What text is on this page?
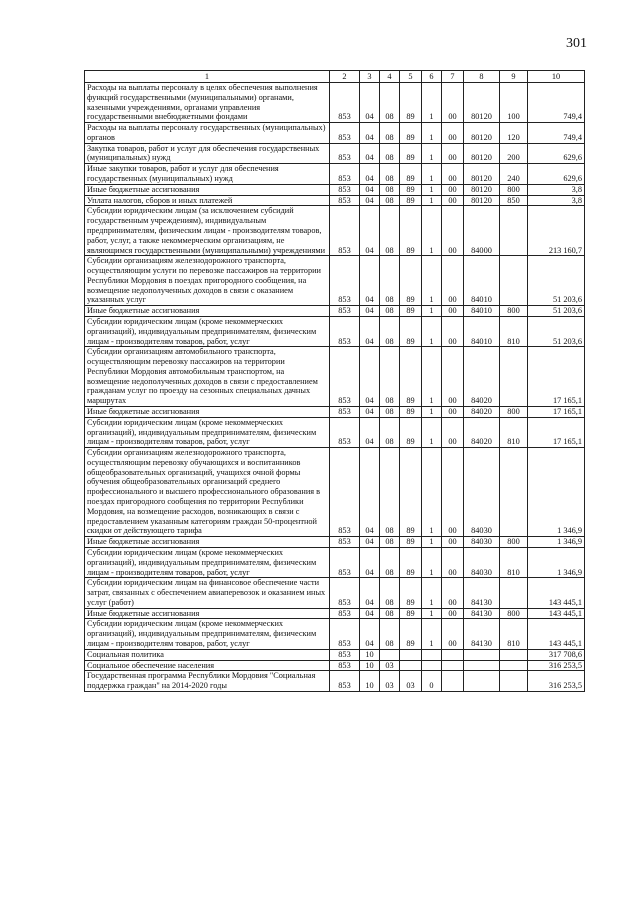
301
1	2	3	4	5	6	7	8	9	10
Расходы на выплаты персоналу в целях обеспечения выполнения функций государственными (муниципальными) органами, казенными учреждениями, органами управления государственными внебюджетными фондами	853	04	08	89	1	00	80120	100	749,4
Расходы на выплаты персоналу государственных (муниципальных) органов	853	04	08	89	1	00	80120	120	749,4
Закупка товаров, работ и услуг для обеспечения государственных (муниципальных) нужд	853	04	08	89	1	00	80120	200	629,6
Иные закупки товаров, работ и услуг для обеспечения государственных (муниципальных) нужд	853	04	08	89	1	00	80120	240	629,6
Иные бюджетные ассигнования	853	04	08	89	1	00	80120	800	3,8
Уплата налогов, сборов и иных платежей	853	04	08	89	1	00	80120	850	3,8
Субсидии юридическим лицам (за исключением субсидий государственным учреждениям), индивидуальным предпринимателям, физическим лицам - производителям товаров, работ, услуг, а также некоммерческим организациям, не являющимся государственными (муниципальными) учреждениями	853	04	08	89	1	00	84000		213 160,7
Субсидии организациям железнодорожного транспорта, осуществляющим услуги по перевозке пассажиров на территории Республики Мордовия в поездах пригородного сообщения, на возмещение недополученных доходов в связи с оказанием указанных услуг	853	04	08	89	1	00	84010		51 203,6
Иные бюджетные ассигнования	853	04	08	89	1	00	84010	800	51 203,6
Субсидии юридическим лицам (кроме некоммерческих организаций), индивидуальным предпринимателям, физическим лицам - производителям товаров, работ, услуг	853	04	08	89	1	00	84010	810	51 203,6
Субсидии организациям автомобильного транспорта, осуществляющим перевозку пассажиров на территории Республики Мордовия автомобильным транспортом, на возмещение недополученных доходов в связи с предоставлением гражданам услуг по проезду на сезонных специальных дачных маршрутах	853	04	08	89	1	00	84020		17 165,1
Иные бюджетные ассигнования	853	04	08	89	1	00	84020	800	17 165,1
Субсидии юридическим лицам (кроме некоммерческих организаций), индивидуальным предпринимателям, физическим лицам - производителям товаров, работ, услуг	853	04	08	89	1	00	84020	810	17 165,1
Субсидии организациям железнодорожного транспорта, осуществляющим перевозку обучающихся и воспитанников общеобразовательных организаций, учащихся очной формы обучения общеобразовательных организаций среднего профессионального и высшего профессионального образования в поездах пригородного сообщения по территории Республики Мордовия, на возмещение расходов, возникающих в связи с предоставлением указанным категориям граждан 50-процентной скидки от действующего тарифа	853	04	08	89	1	00	84030		1 346,9
Иные бюджетные ассигнования	853	04	08	89	1	00	84030	800	1 346,9
Субсидии юридическим лицам (кроме некоммерческих организаций), индивидуальным предпринимателям, физическим лицам - производителям товаров, работ, услуг	853	04	08	89	1	00	84030	810	1 346,9
Субсидии юридическим лицам на финансовое обеспечение части затрат, связанных с обеспечением авиаперевозок и оказанием иных услуг (работ)	853	04	08	89	1	00	84130		143 445,1
Иные бюджетные ассигнования	853	04	08	89	1	00	84130	800	143 445,1
Субсидии юридическим лицам (кроме некоммерческих организаций), индивидуальным предпринимателям, физическим лицам - производителям товаров, работ, услуг	853	04	08	89	1	00	84130	810	143 445,1
Социальная политика	853	10							317 708,6
Социальное обеспечение населения	853	10	03						316 253,5
Государственная программа Республики Мордовия "Социальная поддержка граждан" на 2014-2020 годы	853	10	03	03	0				316 253,5
